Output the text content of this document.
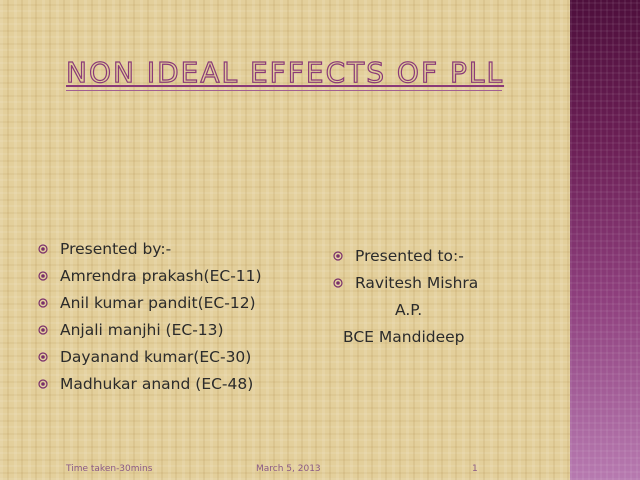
NON IDEAL EFFECTS OF PLL
Presented by:-
Amrendra prakash(EC-11)
Anil kumar pandit(EC-12)
Anjali manjhi (EC-13)
Dayanand kumar(EC-30)
Madhukar anand (EC-48)
Presented to:-
Ravitesh Mishra
A.P.
BCE Mandideep
Time taken-30mins	March 5, 2013	1
